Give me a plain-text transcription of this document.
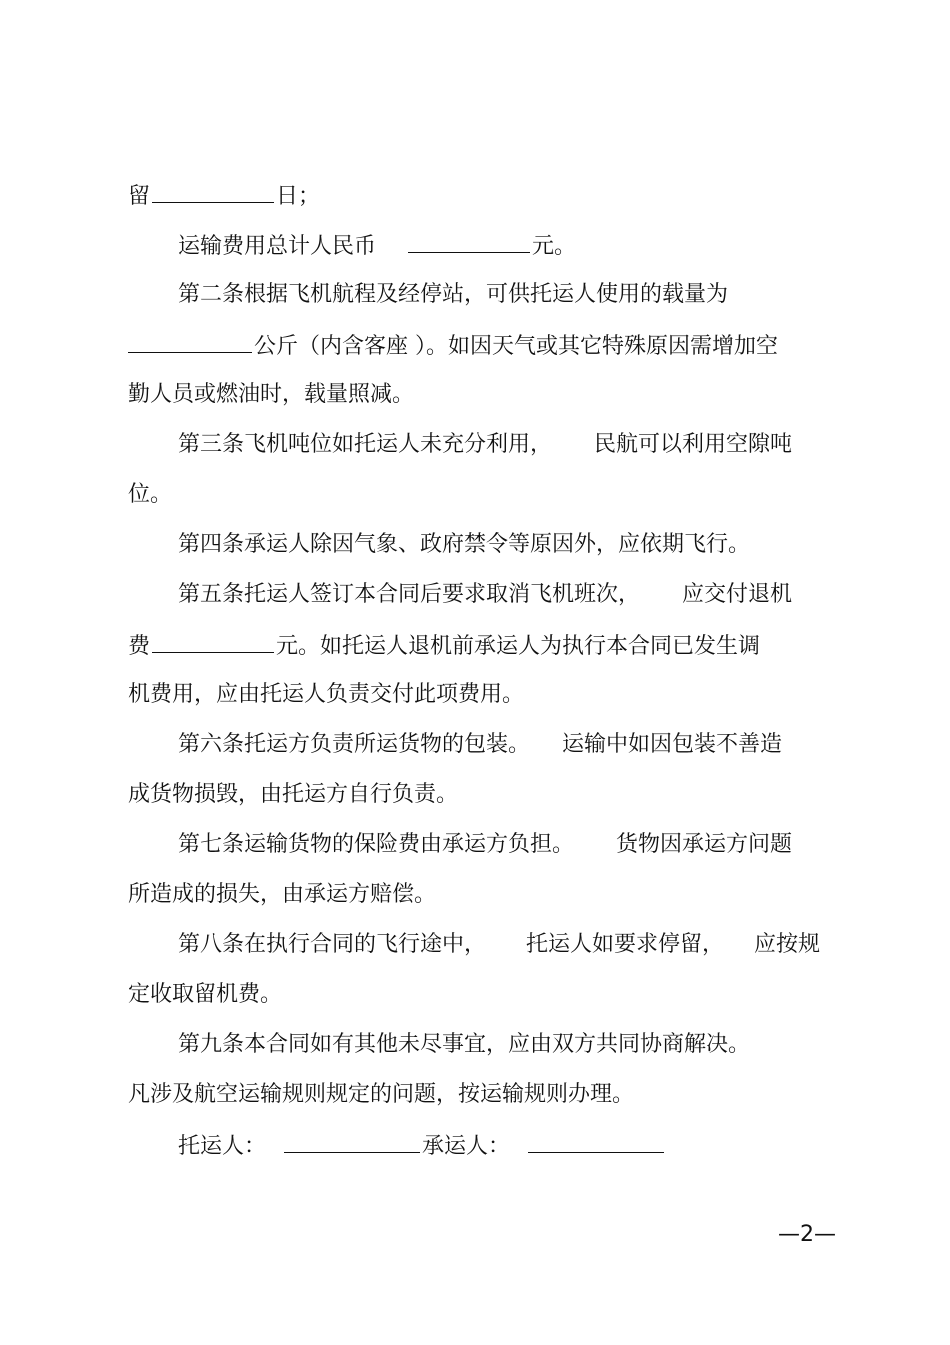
留	日；
运输费用总计人民币	元。
第二条根据飞机航程及经停站，可供托运人使用的载量为
公斤（内含客座 ）。如因天气或其它特殊原因需增加空
勤人员或燃油时，载量照减。
第三条飞机吨位如托运人未充分利用， 民航可以利用空隙吨
位。
第四条承运人除因气象、政府禁令等原因外，应依期飞行。
第五条托运人签订本合同后要求取消飞机班次， 应交付退机
费	元。如托运人退机前承运人为执行本合同已发生调
机费用，应由托运人负责交付此项费用。
第六条托运方负责所运货物的包装。 运输中如因包装不善造
成货物损毁，由托运方自行负责。
第七条运输货物的保险费由承运方负担。 货物因承运方问题
所造成的损失，由承运方赔偿。
第八条在执行合同的飞行途中， 托运人如要求停留， 应按规
定收取留机费。
第九条本合同如有其他未尽事宜，应由双方共同协商解决。
凡涉及航空运输规则规定的问题，按运输规则办理。
托运人：	承运人：
—2—
